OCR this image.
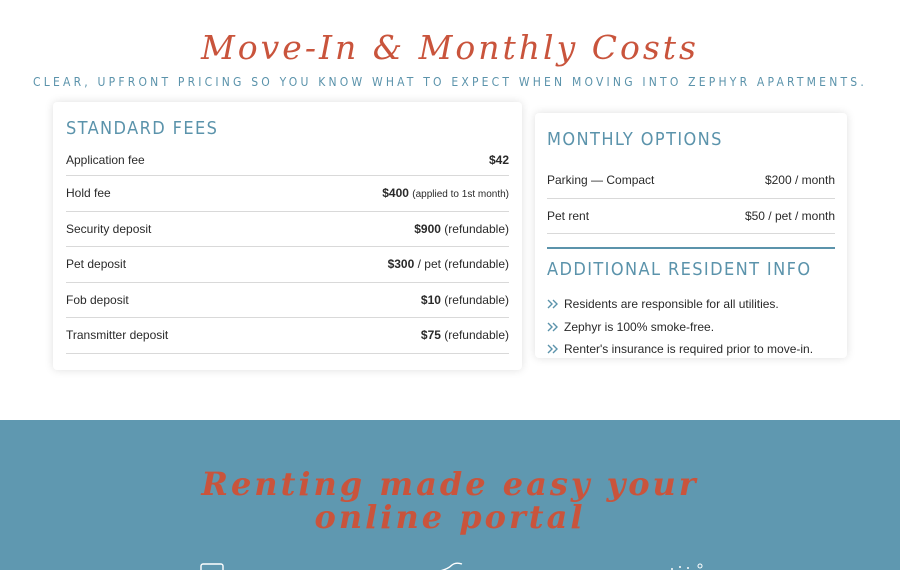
Move-In & Monthly Costs

CLEAR, UPFRONT PRICING SO YOU KNOW WHAT TO EXPECT WHEN MOVING INTO ZEPHYR APARTMENTS.

STANDARD FEES
Application fee	$42
Hold fee	$400 (applied to 1st month)
Security deposit	$900 (refundable)
Pet deposit	$300 / pet (refundable)
Fob deposit	$10 (refundable)
Transmitter deposit	$75 (refundable)
MONTHLY OPTIONS
Parking — Compact	$200 / month
Pet rent	$50 / pet / month
ADDITIONAL RESIDENT INFO
Residents are responsible for all utilities.
Zephyr is 100% smoke-free.
Renter's insurance is required prior to move-in.
Renting made easy your
online portal
